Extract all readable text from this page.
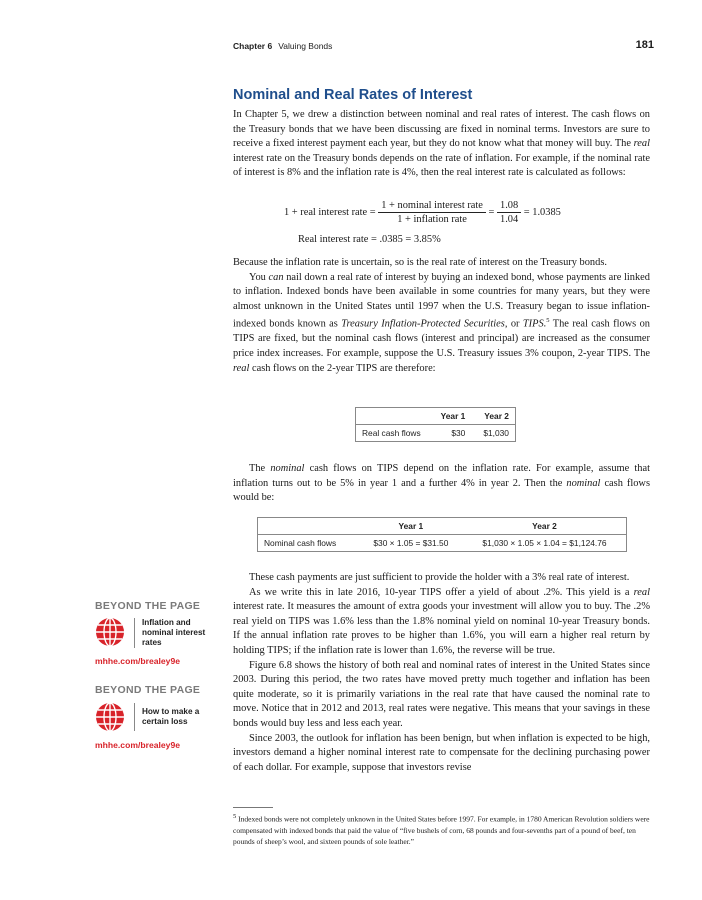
Chapter 6 Valuing Bonds	181
Nominal and Real Rates of Interest

In Chapter 5, we drew a distinction between nominal and real rates of interest. The cash flows on the Treasury bonds that we have been discussing are fixed in nominal terms. Investors are sure to receive a fixed interest payment each year, but they do not know what that money will buy. The real interest rate on the Treasury bonds depends on the rate of inflation. For example, if the nominal rate of interest is 8% and the inflation rate is 4%, then the real interest rate is calculated as follows:

1 + real interest rate = $\frac{\text{1 + nominal interest rate}}{\text{1 + inflation rate}} = \frac{1.08}{1.04} = 1.0385$
Real interest rate = .0385 = 3.85%

Because the inflation rate is uncertain, so is the real rate of interest on the Treasury bonds.

You can nail down a real rate of interest by buying an indexed bond, whose payments are linked to inflation. Indexed bonds have been available in some countries for many years, but they were almost unknown in the United States until 1997 when the U.S. Treasury began to issue inflation-indexed bonds known as Treasury Inflation-Protected Securities, or TIPS.$^5$ The real cash flows on TIPS are fixed, but the nominal cash flows (interest and principal) are increased as the consumer price index increases. For example, suppose the U.S. Treasury issues 3% coupon, 2-year TIPS. The real cash flows on the 2-year TIPS are therefore:

	Year 1	Year 2
Real cash flows	$30	$1,030

The nominal cash flows on TIPS depend on the inflation rate. For example, assume that inflation turns out to be 5% in year 1 and a further 4% in year 2. Then the nominal cash flows would be:

	Year 1	Year 2
Nominal cash flows	$30 × 1.05 = $31.50	$1,030 × 1.05 × 1.04 = $1,124.76

These cash payments are just sufficient to provide the holder with a 3% real rate of interest.

As we write this in late 2016, 10-year TIPS offer a yield of about .2%. This yield is a real interest rate. It measures the amount of extra goods your investment will allow you to buy. The .2% real yield on TIPS was 1.6% less than the 1.8% nominal yield on nominal 10-year Treasury bonds. If the annual inflation rate proves to be higher than 1.6%, you will earn a higher real return by holding TIPS; if the inflation rate is lower than 1.6%, the reverse will be true.

Figure 6.8 shows the history of both real and nominal rates of interest in the United States since 2003. During this period, the two rates have moved pretty much together and inflation has been quite moderate, so it is primarily variations in the real rate that have caused the nominal rate to move. Notice that in 2012 and 2013, real rates were negative. This means that your savings in these bonds would buy less and less each year.

Since 2003, the outlook for inflation has been benign, but when inflation is expected to be high, investors demand a higher nominal interest rate to compensate for the declining purchasing power of each dollar. For example, suppose that investors revise

BEYOND THE PAGE
Inflation and
nominal interest
rates
mhhe.com/brealey9e
BEYOND THE PAGE
How to make a
certain loss
mhhe.com/brealey9e
$^5$ Indexed bonds were not completely unknown in the United States before 1997. For example, in 1780 American Revolution soldiers were compensated with indexed bonds that paid the value of “five bushels of corn, 68 pounds and four-sevenths part of a pound of beef, ten pounds of sheep’s wool, and sixteen pounds of sole leather.”
